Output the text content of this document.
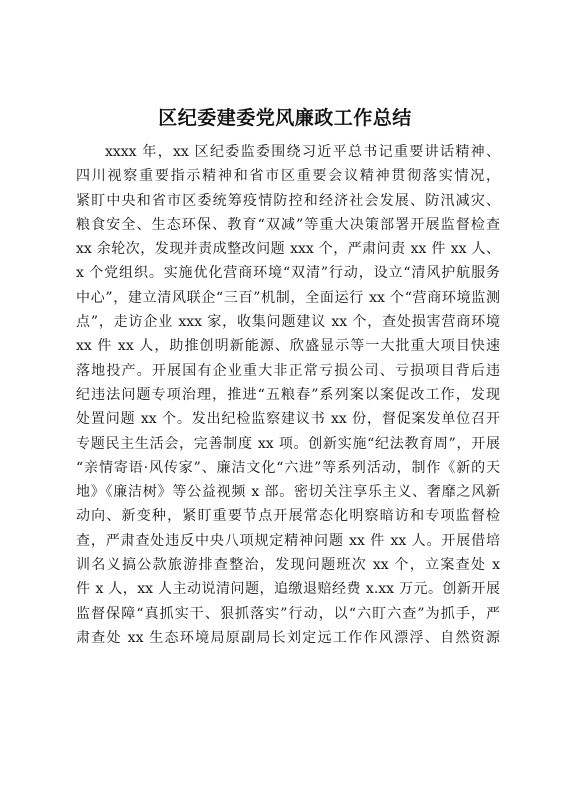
区纪委建委党风廉政工作总结
xxxx 年，xx 区纪委监委围绕习近平总书记重要讲话精神、
四川视察重要指示精神和省市区重要会议精神贯彻落实情况，
紧盯中央和省市区委统筹疫情防控和经济社会发展、防汛减灾、
粮食安全、生态环保、教育“双减”等重大决策部署开展监督检查
xx 余轮次，发现并责成整改问题 xxx 个，严肃问责 xx 件 xx 人、
x 个党组织。实施优化营商环境“双清”行动，设立“清风护航服务
中心”，建立清风联企“三百”机制，全面运行 xx 个“营商环境监测
点”，走访企业 xxx 家，收集问题建议 xx 个，查处损害营商环境
xx 件 xx 人，助推创明新能源、欣盛显示等一大批重大项目快速
落地投产。开展国有企业重大非正常亏损公司、亏损项目背后违
纪违法问题专项治理，推进“五粮春”系列案以案促改工作，发现
处置问题 xx 个。发出纪检监察建议书 xx 份，督促案发单位召开
专题民主生活会，完善制度 xx 项。创新实施“纪法教育周”，开展
“亲情寄语·风传家”、廉洁文化“六进”等系列活动，制作《新的天
地》《廉洁树》等公益视频 x 部。密切关注享乐主义、奢靡之风新
动向、新变种，紧盯重要节点开展常态化明察暗访和专项监督检
查，严肃查处违反中央八项规定精神问题 xx 件 xx 人。开展借培
训名义搞公款旅游排查整治，发现问题班次 xx 个，立案查处 x
件 x 人，xx 人主动说清问题，追缴退赔经费 x.xx 万元。创新开展
监督保障“真抓实干、狠抓落实”行动，以“六盯六查”为抓手，严
肃查处 xx 生态环境局原副局长刘定远工作作风漂浮、自然资源
